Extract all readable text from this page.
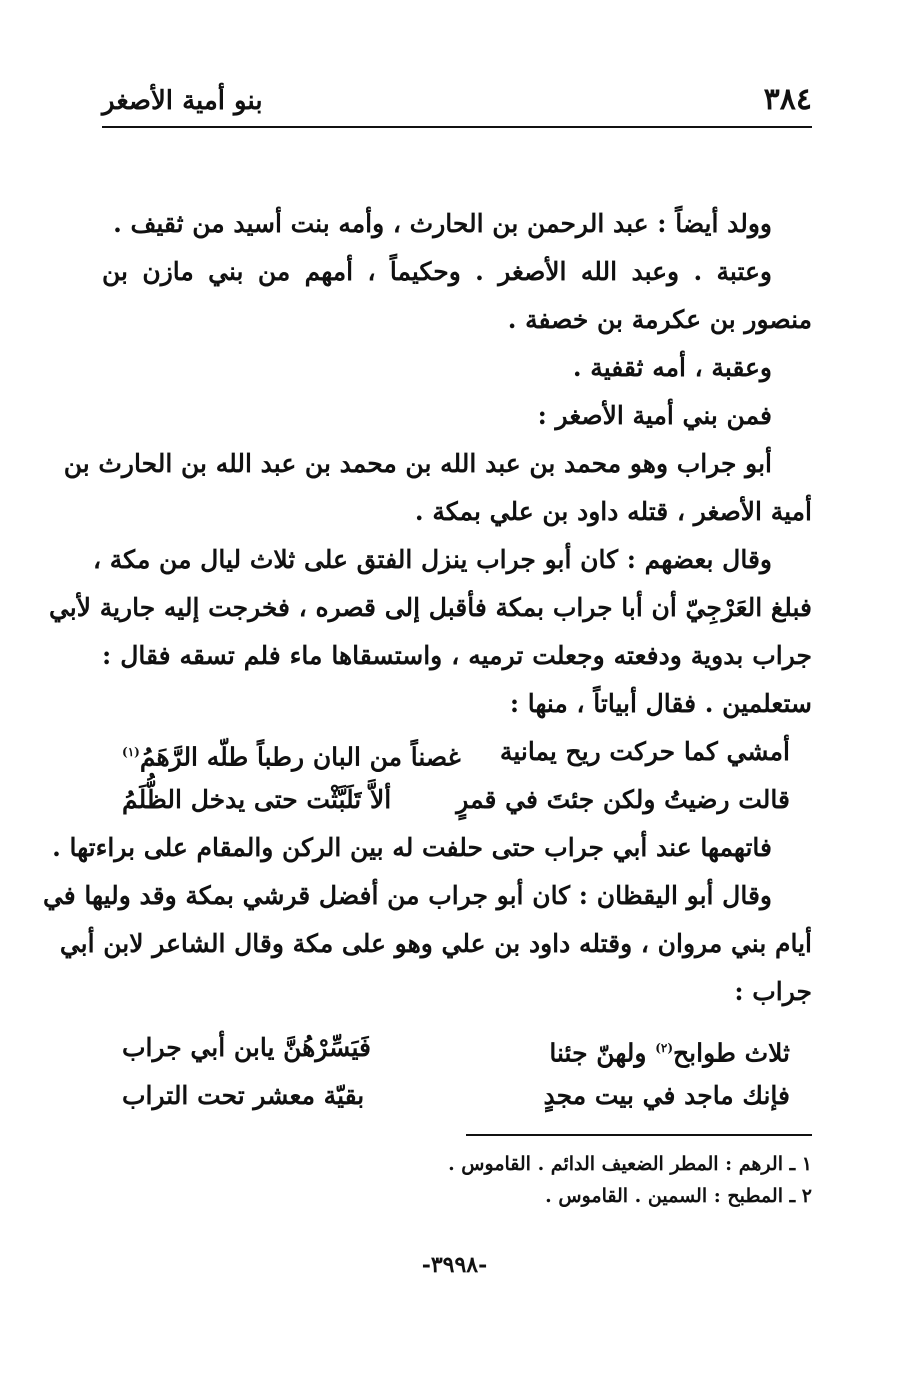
٣٨٤
بنو أمية الأصغر
وولد أيضاً : عبد الرحمن بن الحارث ، وأمه بنت أسيد من ثقيف .
وعتبة . وعبد الله الأصغر . وحكيماً ، أمهم من بني مازن بن
منصور بن عكرمة بن خصفة .
وعقبة ، أمه ثقفية .
فمن بني أمية الأصغر :
أبو جراب وهو محمد بن عبد الله بن محمد بن عبد الله بن الحارث بن
أمية الأصغر ، قتله داود بن علي بمكة .
وقال بعضهم : كان أبو جراب ينزل الفتق على ثلاث ليال من مكة ،
فبلغ العَرْجِيّ أن أبا جراب بمكة فأقبل إلى قصره ، فخرجت إليه جارية لأبي
جراب بدوية ودفعته وجعلت ترميه ، واستسقاها ماء فلم تسقه فقال :
ستعلمين . فقال أبياتاً ، منها :
أمشي كما حركت ريح يمانية
غصناً من البان رطباً طلّه الرَّهَمُ$^{(١)}$
قالت رضيتُ ولكن جئتَ في قمرٍ
ألاَّ تَلَبَّثْت حتى يدخل الظُّلَمُ
فاتهمها عند أبي جراب حتى حلفت له بين الركن والمقام على براءتها .
وقال أبو اليقظان : كان أبو جراب من أفضل قرشي بمكة وقد وليها في
أيام بني مروان ، وقتله داود بن علي وهو على مكة وقال الشاعر لابن أبي
جراب :
ثلاث طوابح$^{(٢)}$ ولهنّ جئنا
فَيَسِّرْهُنَّ يابن أبي جراب
فإنك ماجد في بيت مجدٍ
بقيّة معشر تحت التراب
١ ـ الرهم : المطر الضعيف الدائم . القاموس .
٢ ـ المطبح : السمين . القاموس .
-٣٩٩٨-
